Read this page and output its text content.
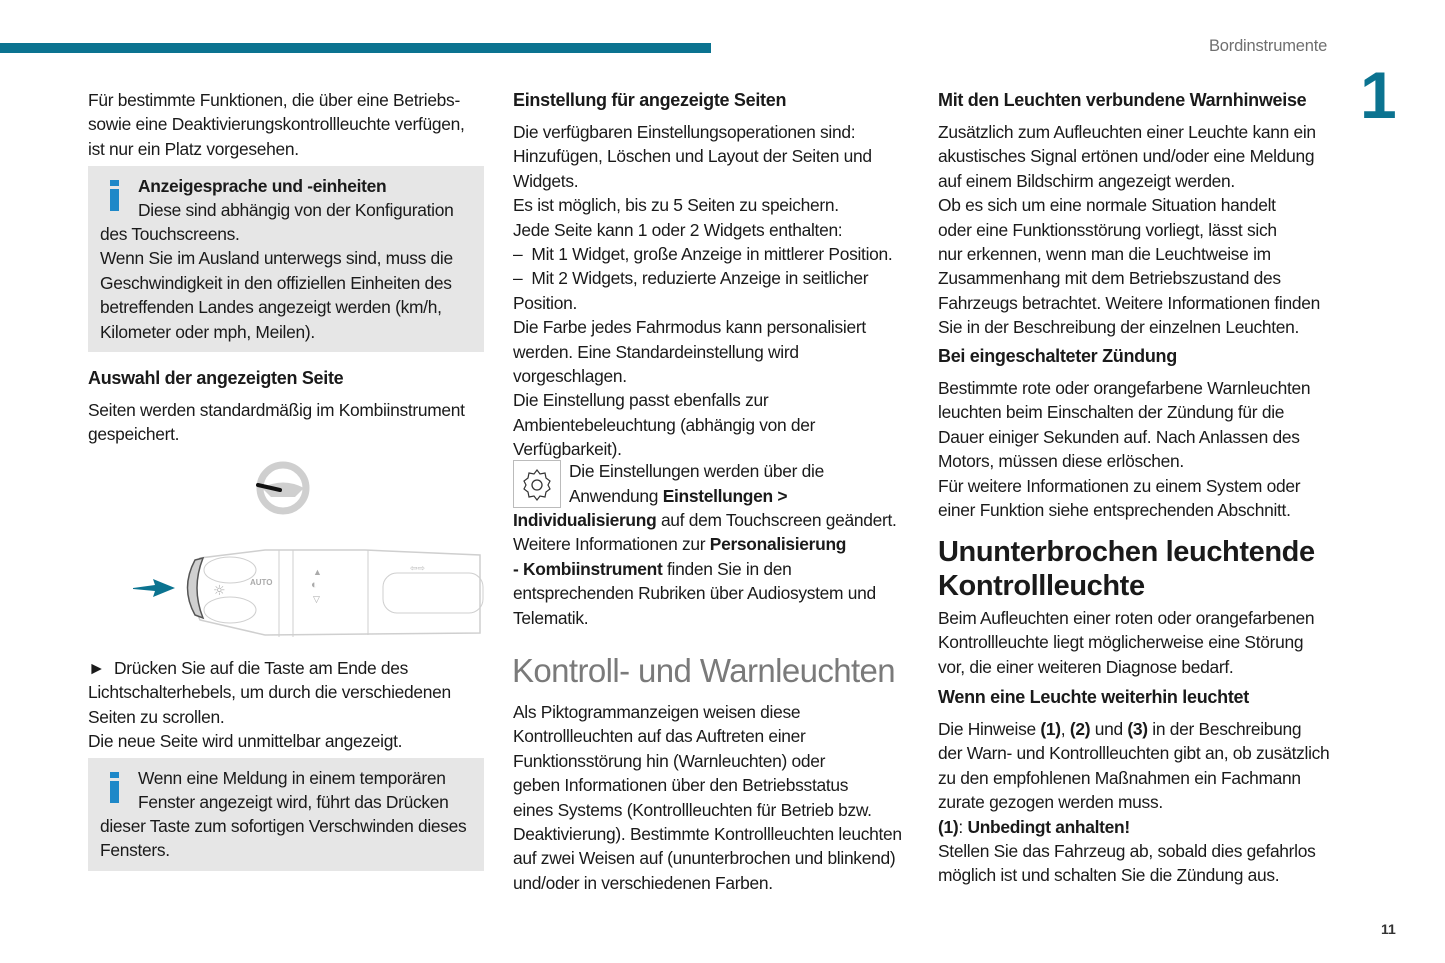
Bordinstrumente
1
11
Für bestimmte Funktionen, die über eine Betriebs-
sowie eine Deaktivierungskontrollleuchte verfügen,
ist nur ein Platz vorgesehen.
Anzeigesprache und -einheiten
Diese sind abhängig von der Konfiguration
des Touchscreens.
Wenn Sie im Ausland unterwegs sind, muss die
Geschwindigkeit in den offiziellen Einheiten des
betreffenden Landes angezeigt werden (km/h,
Kilometer oder mph, Meilen).
Auswahl der angezeigten Seite
Seiten werden standardmäßig im Kombiinstrument
gespeichert.
☼
AUTO
▲
◐
▽
⇦⇨
►  Drücken Sie auf die Taste am Ende des
Lichtschalterhebels, um durch die verschiedenen
Seiten zu scrollen.
Die neue Seite wird unmittelbar angezeigt.
Wenn eine Meldung in einem temporären
Fenster angezeigt wird, führt das Drücken
dieser Taste zum sofortigen Verschwinden dieses
Fensters.
Einstellung für angezeigte Seiten
Die verfügbaren Einstellungsoperationen sind:
Hinzufügen, Löschen und Layout der Seiten und
Widgets.
Es ist möglich, bis zu 5 Seiten zu speichern.
Jede Seite kann 1 oder 2 Widgets enthalten:
–  Mit 1 Widget, große Anzeige in mittlerer Position.
–  Mit 2 Widgets, reduzierte Anzeige in seitlicher
Position.
Die Farbe jedes Fahrmodus kann personalisiert
werden. Eine Standardeinstellung wird
vorgeschlagen.
Die Einstellung passt ebenfalls zur
Ambientebeleuchtung (abhängig von der
Verfügbarkeit).
Die Einstellungen werden über die
Anwendung Einstellungen >
Individualisierung auf dem Touchscreen geändert.
Weitere Informationen zur Personalisierung
- Kombiinstrument finden Sie in den
entsprechenden Rubriken über Audiosystem und
Telematik.
Kontroll- und Warnleuchten
Als Piktogrammanzeigen weisen diese
Kontrollleuchten auf das Auftreten einer
Funktionsstörung hin (Warnleuchten) oder
geben Informationen über den Betriebsstatus
eines Systems (Kontrollleuchten für Betrieb bzw.
Deaktivierung). Bestimmte Kontrollleuchten leuchten
auf zwei Weisen auf (ununterbrochen und blinkend)
und/oder in verschiedenen Farben.
Mit den Leuchten verbundene Warnhinweise
Zusätzlich zum Aufleuchten einer Leuchte kann ein
akustisches Signal ertönen und/oder eine Meldung
auf einem Bildschirm angezeigt werden.
Ob es sich um eine normale Situation handelt
oder eine Funktionsstörung vorliegt, lässt sich
nur erkennen, wenn man die Leuchtweise im
Zusammenhang mit dem Betriebszustand des
Fahrzeugs betrachtet. Weitere Informationen finden
Sie in der Beschreibung der einzelnen Leuchten.
Bei eingeschalteter Zündung
Bestimmte rote oder orangefarbene Warnleuchten
leuchten beim Einschalten der Zündung für die
Dauer einiger Sekunden auf. Nach Anlassen des
Motors, müssen diese erlöschen.
Für weitere Informationen zu einem System oder
einer Funktion siehe entsprechenden Abschnitt.
Ununterbrochen leuchtende
Kontrollleuchte
Beim Aufleuchten einer roten oder orangefarbenen
Kontrollleuchte liegt möglicherweise eine Störung
vor, die einer weiteren Diagnose bedarf.
Wenn eine Leuchte weiterhin leuchtet
Die Hinweise (1), (2) und (3) in der Beschreibung
der Warn- und Kontrollleuchten gibt an, ob zusätzlich
zu den empfohlenen Maßnahmen ein Fachmann
zurate gezogen werden muss.
(1): Unbedingt anhalten!
Stellen Sie das Fahrzeug ab, sobald dies gefahrlos
möglich ist und schalten Sie die Zündung aus.
